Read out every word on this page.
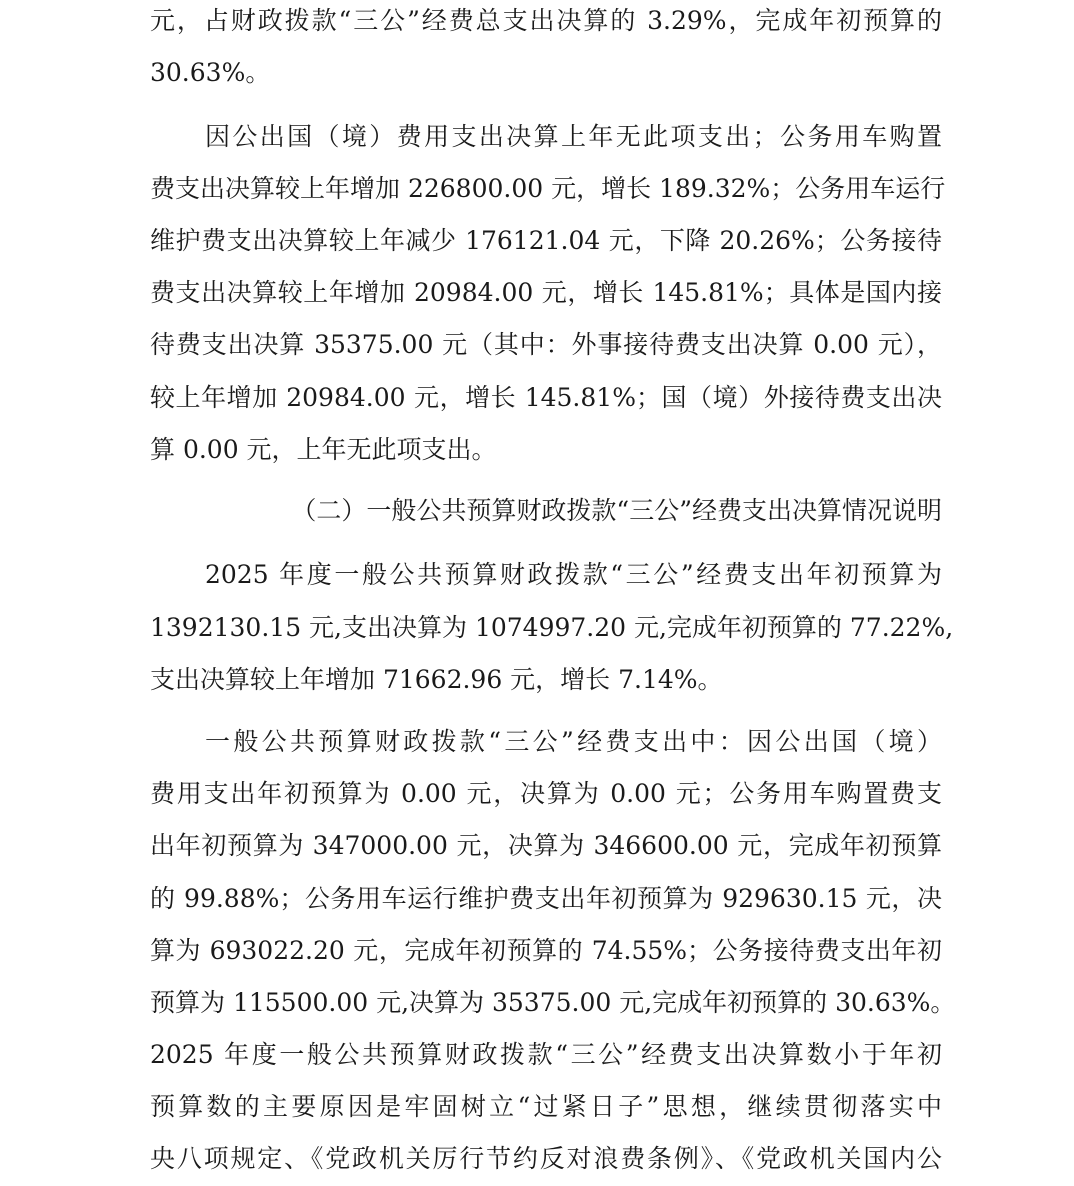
元，占财政拨款“三公”经费总支出决算的 3.29%，完成年初预算的
30.63%。
因公出国（境）费用支出决算上年无此项支出；公务用车购置
费支出决算较上年增加 226800.00 元，增长 189.32%；公务用车运行
维护费支出决算较上年减少 176121.04 元，下降 20.26%；公务接待
费支出决算较上年增加 20984.00 元，增长 145.81%；具体是国内接
待费支出决算 35375.00 元（其中：外事接待费支出决算 0.00 元），
较上年增加 20984.00 元，增长 145.81%；国（境）外接待费支出决
算 0.00 元，上年无此项支出。
（二）一般公共预算财政拨款“三公”经费支出决算情况说明
2025 年度一般公共预算财政拨款“三公”经费支出年初预算为
1392130.15 元,支出决算为 1074997.20 元,完成年初预算的 77.22%,
支出决算较上年增加 71662.96 元，增长 7.14%。
一般公共预算财政拨款“三公”经费支出中：因公出国（境）
费用支出年初预算为 0.00 元，决算为 0.00 元；公务用车购置费支
出年初预算为 347000.00 元，决算为 346600.00 元，完成年初预算
的 99.88%；公务用车运行维护费支出年初预算为 929630.15 元，决
算为 693022.20 元，完成年初预算的 74.55%；公务接待费支出年初
预算为 115500.00 元,决算为 35375.00 元,完成年初预算的 30.63%。
2025 年度一般公共预算财政拨款“三公”经费支出决算数小于年初
预算数的主要原因是牢固树立“过紧日子”思想，继续贯彻落实中
央八项规定、《党政机关厉行节约反对浪费条例》、《党政机关国内公
